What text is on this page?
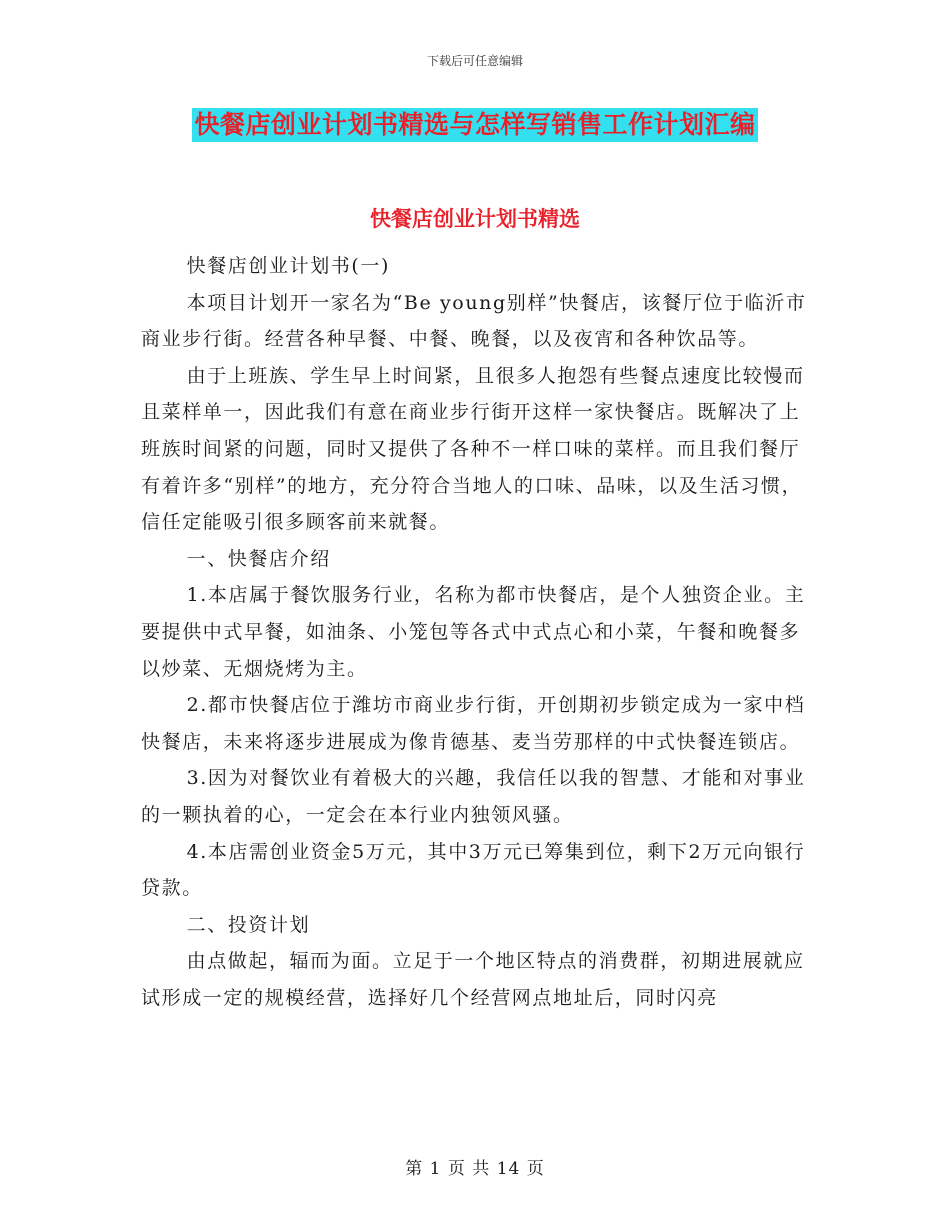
下载后可任意编辑
快餐店创业计划书精选与怎样写销售工作计划汇编
快餐店创业计划书精选

快餐店创业计划书(一)

本项目计划开一家名为“Be young别样”快餐店，该餐厅位于临沂市商业步行街。经营各种早餐、中餐、晚餐，以及夜宵和各种饮品等。

由于上班族、学生早上时间紧，且很多人抱怨有些餐点速度比较慢而且菜样单一，因此我们有意在商业步行街开这样一家快餐店。既解决了上班族时间紧的问题，同时又提供了各种不一样口味的菜样。而且我们餐厅有着许多“别样”的地方，充分符合当地人的口味、品味，以及生活习惯，信任定能吸引很多顾客前来就餐。

一、快餐店介绍

1.本店属于餐饮服务行业，名称为都市快餐店，是个人独资企业。主要提供中式早餐，如油条、小笼包等各式中式点心和小菜，午餐和晚餐多以炒菜、无烟烧烤为主。

2.都市快餐店位于潍坊市商业步行街，开创期初步锁定成为一家中档快餐店，未来将逐步进展成为像肯德基、麦当劳那样的中式快餐连锁店。

3.因为对餐饮业有着极大的兴趣，我信任以我的智慧、才能和对事业的一颗执着的心，一定会在本行业内独领风骚。

4.本店需创业资金5万元，其中3万元已筹集到位，剩下2万元向银行贷款。

二、投资计划

由点做起，辐而为面。立足于一个地区特点的消费群，初期进展就应试形成一定的规模经营，选择好几个经营网点地址后，同时闪亮

第 1 页 共 14 页
